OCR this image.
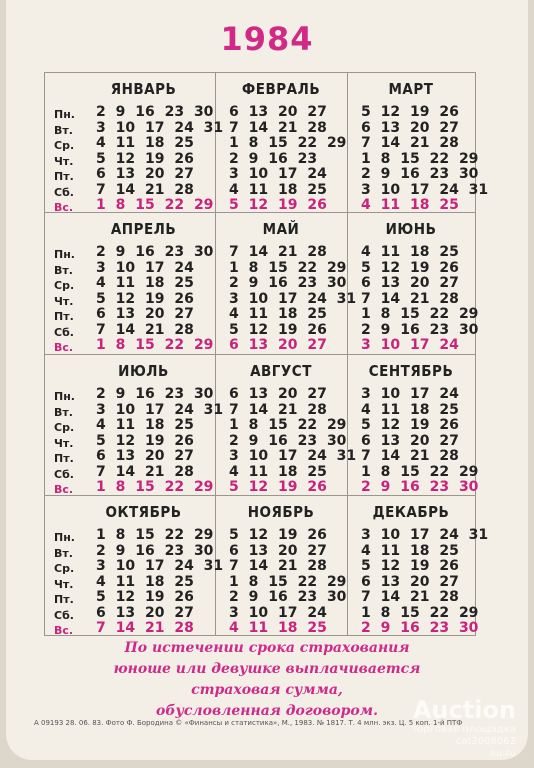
1984
ЯНВАРЬ
Пн.
Вт.
Ср.
Чт.
Пт.
Сб.
Вс.
2 9 16 23 30
3 10 17 24 31
4 11 18 25
5 12 19 26
6 13 20 27
7 14 21 28
1 8 15 22 29
ФЕВРАЛЬ
6 13 20 27
7 14 21 28
1 8 15 22 29
2 9 16 23
3 10 17 24
4 11 18 25
5 12 19 26
МАРТ
5 12 19 26
6 13 20 27
7 14 21 28
1 8 15 22 29
2 9 16 23 30
3 10 17 24 31
4 11 18 25
АПРЕЛЬ
Пн.
Вт.
Ср.
Чт.
Пт.
Сб.
Вс.
2 9 16 23 30
3 10 17 24
4 11 18 25
5 12 19 26
6 13 20 27
7 14 21 28
1 8 15 22 29
МАЙ
7 14 21 28
1 8 15 22 29
2 9 16 23 30
3 10 17 24 31
4 11 18 25
5 12 19 26
6 13 20 27
ИЮНЬ
4 11 18 25
5 12 19 26
6 13 20 27
7 14 21 28
1 8 15 22 29
2 9 16 23 30
3 10 17 24
ИЮЛЬ
Пн.
Вт.
Ср.
Чт.
Пт.
Сб.
Вс.
2 9 16 23 30
3 10 17 24 31
4 11 18 25
5 12 19 26
6 13 20 27
7 14 21 28
1 8 15 22 29
АВГУСТ
6 13 20 27
7 14 21 28
1 8 15 22 29
2 9 16 23 30
3 10 17 24 31
4 11 18 25
5 12 19 26
СЕНТЯБРЬ
3 10 17 24
4 11 18 25
5 12 19 26
6 13 20 27
7 14 21 28
1 8 15 22 29
2 9 16 23 30
ОКТЯБРЬ
Пн.
Вт.
Ср.
Чт.
Пт.
Сб.
Вс.
1 8 15 22 29
2 9 16 23 30
3 10 17 24 31
4 11 18 25
5 12 19 26
6 13 20 27
7 14 21 28
НОЯБРЬ
5 12 19 26
6 13 20 27
7 14 21 28
1 8 15 22 29
2 9 16 23 30
3 10 17 24
4 11 18 25
ДЕКАБРЬ
3 10 17 24 31
4 11 18 25
5 12 19 26
6 13 20 27
7 14 21 28
1 8 15 22 29
2 9 16 23 30
По истечении срока страхования
юноше или девушке выплачивается
страховая сумма,
обусловленная договором.
А 09193 28. 06. 83. Фото Ф. Бородина © «Финансы и статистика», М., 1983. № 1817. Т. 4 млн. экз. Ц. 5 коп. 1-й ПТФ
Auction
торговая площадка
cat2008062
au.ru
